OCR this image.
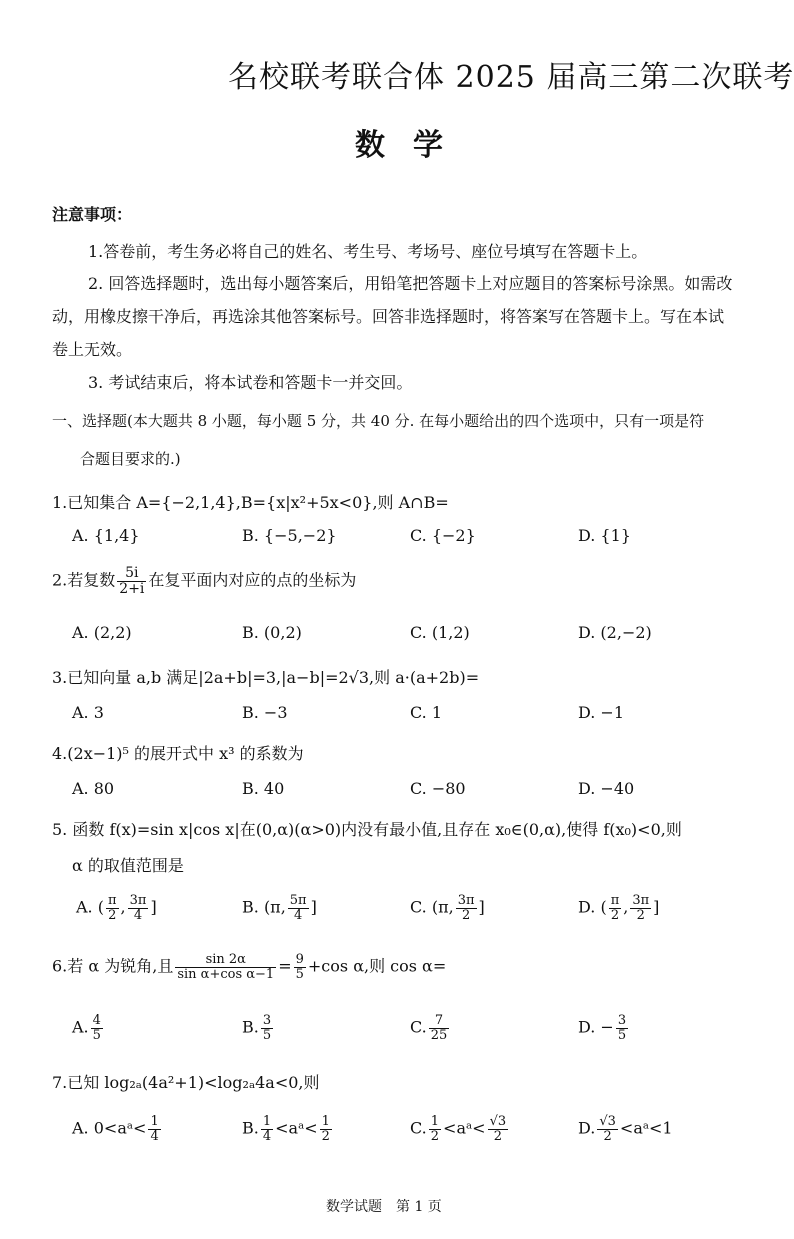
名校联考联合体 2025 届高三第二次联考
数学
注意事项：
1.答卷前，考生务必将自己的姓名、考生号、考场号、座位号填写在答题卡上。
2. 回答选择题时，选出每小题答案后，用铅笔把答题卡上对应题目的答案标号涂黑。如需改
动，用橡皮擦干净后，再选涂其他答案标号。回答非选择题时，将答案写在答题卡上。写在本试
卷上无效。
3. 考试结束后，将本试卷和答题卡一并交回。
一、选择题(本大题共 8 小题，每小题 5 分，共 40 分. 在每小题给出的四个选项中，只有一项是符
合题目要求的.)
1.已知集合 A={−2,1,4},B={x|x²+5x<0},则 A∩B=
A. {1,4}	B. {−5,−2}	C. {−2}	D. {1}
2.若复数 $\frac{5i}{2+i}$ 在复平面内对应的点的坐标为
A. (2,2)	B. (0,2)	C. (1,2)	D. (2,−2)
3.已知向量 a,b 满足|2a+b|=3,|a−b|=2√3,则 a·(a+2b)=
A. 3	B. −3	C. 1	D. −1
4.(2x−1)⁵ 的展开式中 x³ 的系数为
A. 80	B. 40	C. −80	D. −40
5. 函数 f(x)=sin x|cos x|在(0,α)(α>0)内没有最小值,且存在 x₀∈(0,α),使得 f(x₀)<0,则
α 的取值范围是
A. ( $\frac{\pi}{2}$ , $\frac{3\pi}{4}$ ]	B. (π, $\frac{5\pi}{4}$ ]	C. (π, $\frac{3\pi}{2}$ ]	D. ( $\frac{\pi}{2}$ , $\frac{3\pi}{2}$ ]
6.若 α 为锐角,且 $\frac{\sin 2\alpha}{\text{sin α+cos α−1}} = \frac{9}{5} +\cos$ α,则 cos α=
A. $\frac{4}{5}$	B. $\frac{3}{5}$	C. $\frac{7}{25}$	D. − $\frac{3}{5}$
7.已知 log₂ₐ(4a²+1)<log₂ₐ4a<0,则
A. 0<aᵃ< $\frac{1}{4}$	B. $\frac{1}{4}$ <aᵃ< $\frac{1}{2}$	C. $\frac{1}{2}$ <aᵃ< $\frac{√3}{2}$	D. $\frac{√3}{2}$ <aᵃ<1
数学试题　第 1 页
